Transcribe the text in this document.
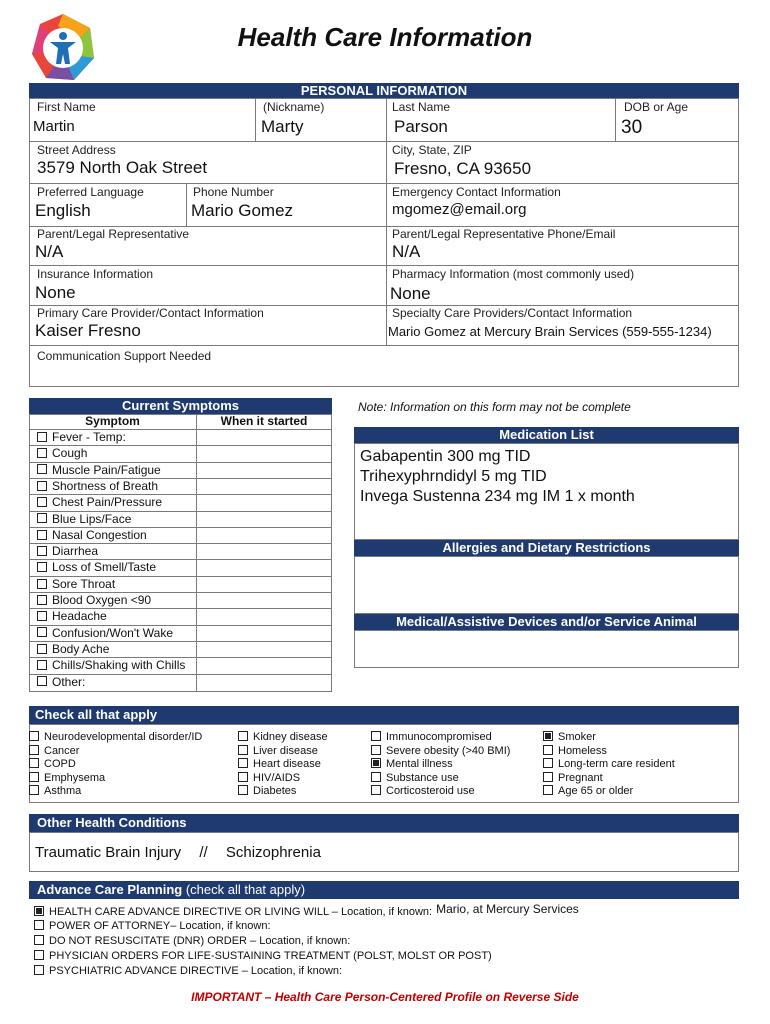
Health Care Information
PERSONAL INFORMATION
First Name
Martin
(Nickname)
Marty
Last Name
Parson
DOB or Age
30
Street Address
3579 North Oak Street
City, State, ZIP
Fresno, CA 93650
Preferred Language
English
Phone Number
Mario Gomez
Emergency Contact Information
mgomez@email.org
Parent/Legal Representative
N/A
Parent/Legal Representative Phone/Email
N/A
Insurance Information
None
Pharmacy Information (most commonly used)
None
Primary Care Provider/Contact Information
Kaiser Fresno
Specialty Care Providers/Contact Information
Mario Gomez at Mercury Brain Services (559-555-1234)
Communication Support Needed
Current Symptoms
Symptom	When it started
Fever - Temp:
Cough
Muscle Pain/Fatigue
Shortness of Breath
Chest Pain/Pressure
Blue Lips/Face
Nasal Congestion
Diarrhea
Loss of Smell/Taste
Sore Throat
Blood Oxygen <90
Headache
Confusion/Won't Wake
Body Ache
Chills/Shaking with Chills
Other:
Note: Information on this form may not be complete
Medication List
Gabapentin 300 mg TID
Trihexyphrndidyl 5 mg TID
Invega Sustenna 234 mg IM 1 x month
Allergies and Dietary Restrictions
Medical/Assistive Devices and/or Service Animal
Check all that apply
Neurodevelopmental disorder/ID
Cancer
COPD
Emphysema
Asthma
Kidney disease
Liver disease
Heart disease
HIV/AIDS
Diabetes
Immunocompromised
Severe obesity (>40 BMI)
Mental illness
Substance use
Corticosteroid use
Smoker
Homeless
Long-term care resident
Pregnant
Age 65 or older
Other Health Conditions
Traumatic Brain Injury // Schizophrenia
Advance Care Planning (check all that apply)
HEALTH CARE ADVANCE DIRECTIVE OR LIVING WILL – Location, if known: Mario, at Mercury Services
POWER OF ATTORNEY– Location, if known:
DO NOT RESUSCITATE (DNR) ORDER – Location, if known:
PHYSICIAN ORDERS FOR LIFE-SUSTAINING TREATMENT (POLST, MOLST OR POST)
PSYCHIATRIC ADVANCE DIRECTIVE – Location, if known:
IMPORTANT – Health Care Person-Centered Profile on Reverse Side
